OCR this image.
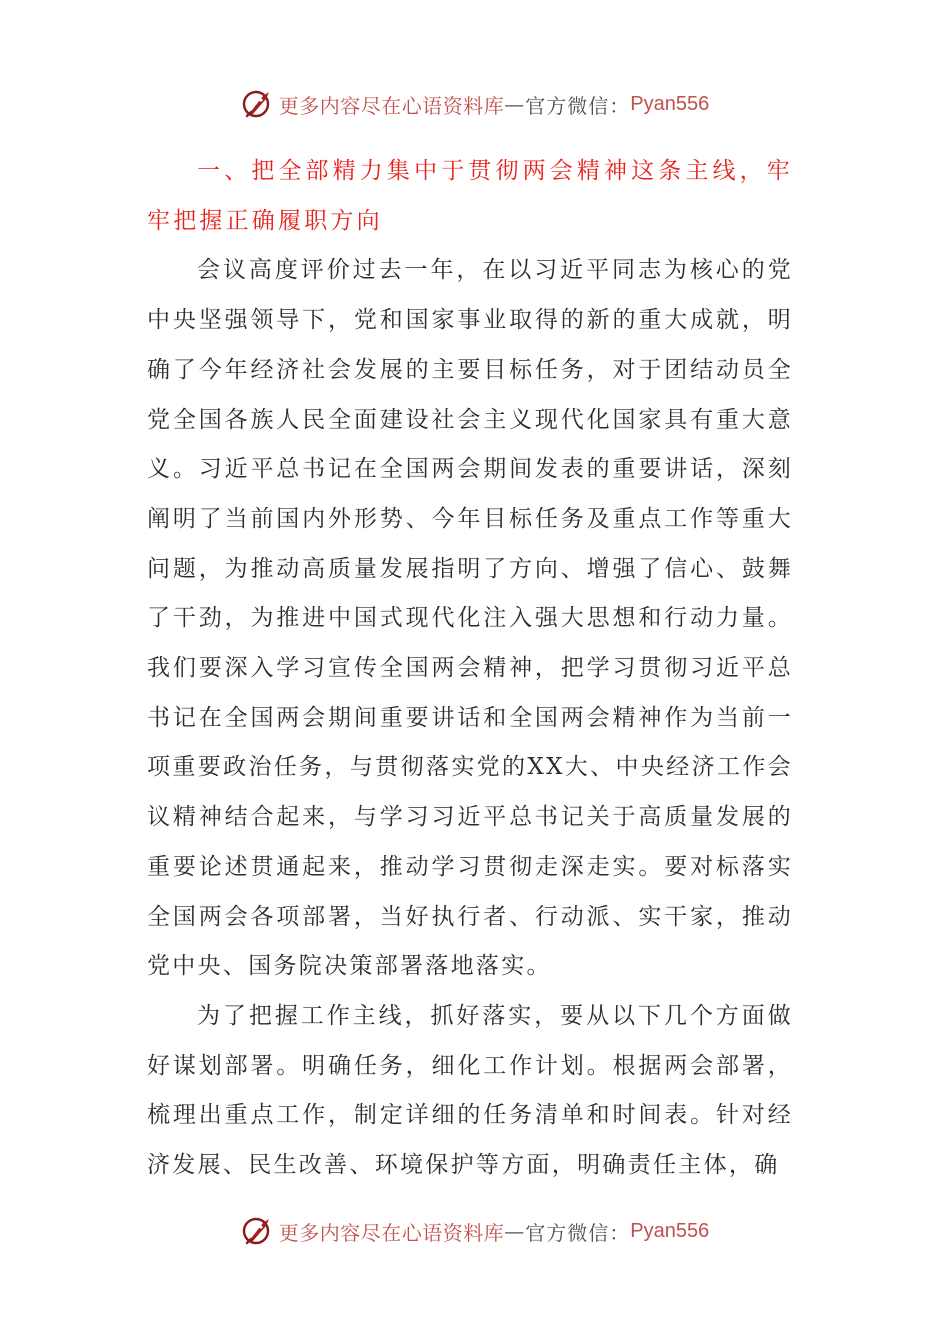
更多内容尽在心语资料库 — 官方微信： Pyan556

一、把全部精力集中于贯彻两会精神这条主线，牢牢把握正确履职方向

会议高度评价过去一年，在以习近平同志为核心的党中央坚强领导下，党和国家事业取得的新的重大成就，明确了今年经济社会发展的主要目标任务，对于团结动员全党全国各族人民全面建设社会主义现代化国家具有重大意义。习近平总书记在全国两会期间发表的重要讲话，深刻阐明了当前国内外形势、今年目标任务及重点工作等重大问题，为推动高质量发展指明了方向、增强了信心、鼓舞了干劲，为推进中国式现代化注入强大思想和行动力量。我们要深入学习宣传全国两会精神，把学习贯彻习近平总书记在全国两会期间重要讲话和全国两会精神作为当前一项重要政治任务，与贯彻落实党的XX大、中央经济工作会议精神结合起来，与学习习近平总书记关于高质量发展的重要论述贯通起来，推动学习贯彻走深走实。要对标落实全国两会各项部署，当好执行者、行动派、实干家，推动党中央、国务院决策部署落地落实。

为了把握工作主线，抓好落实，要从以下几个方面做好谋划部署。明确任务，细化工作计划。根据两会部署，梳理出重点工作，制定详细的任务清单和时间表。针对经济发展、民生改善、环境保护等方面，明确责任主体，确

更多内容尽在心语资料库 — 官方微信： Pyan556
